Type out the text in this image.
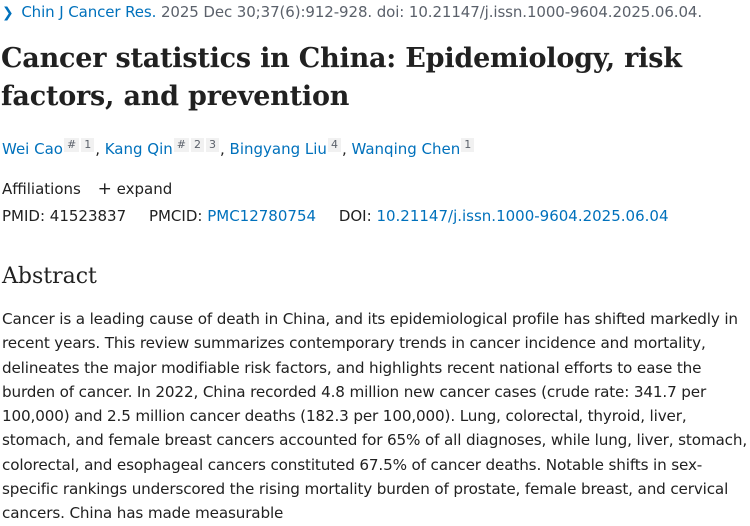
❯ Chin J Cancer Res. 2025 Dec 30;37(6):912-928. doi: 10.21147/j.issn.1000-9604.2025.06.04.
Cancer statistics in China: Epidemiology, risk factors, and prevention
Wei Cao # 1 , Kang Qin # 2 3 , Bingyang Liu 4 , Wanqing Chen 1
Affiliations + expand
PMID: 41523837 PMCID: PMC12780754 DOI: 10.21147/j.issn.1000-9604.2025.06.04
Abstract

Cancer is a leading cause of death in China, and its epidemiological profile has shifted markedly in recent years. This review summarizes contemporary trends in cancer incidence and mortality, delineates the major modifiable risk factors, and highlights recent national efforts to ease the burden of cancer. In 2022, China recorded 4.8 million new cancer cases (crude rate: 341.7 per 100,000) and 2.5 million cancer deaths (182.3 per 100,000). Lung, colorectal, thyroid, liver, stomach, and female breast cancers accounted for 65% of all diagnoses, while lung, liver, stomach, colorectal, and esophageal cancers constituted 67.5% of cancer deaths. Notable shifts in sex-specific rankings underscored the rising mortality burden of prostate, female breast, and cervical cancers. China has made measurable
